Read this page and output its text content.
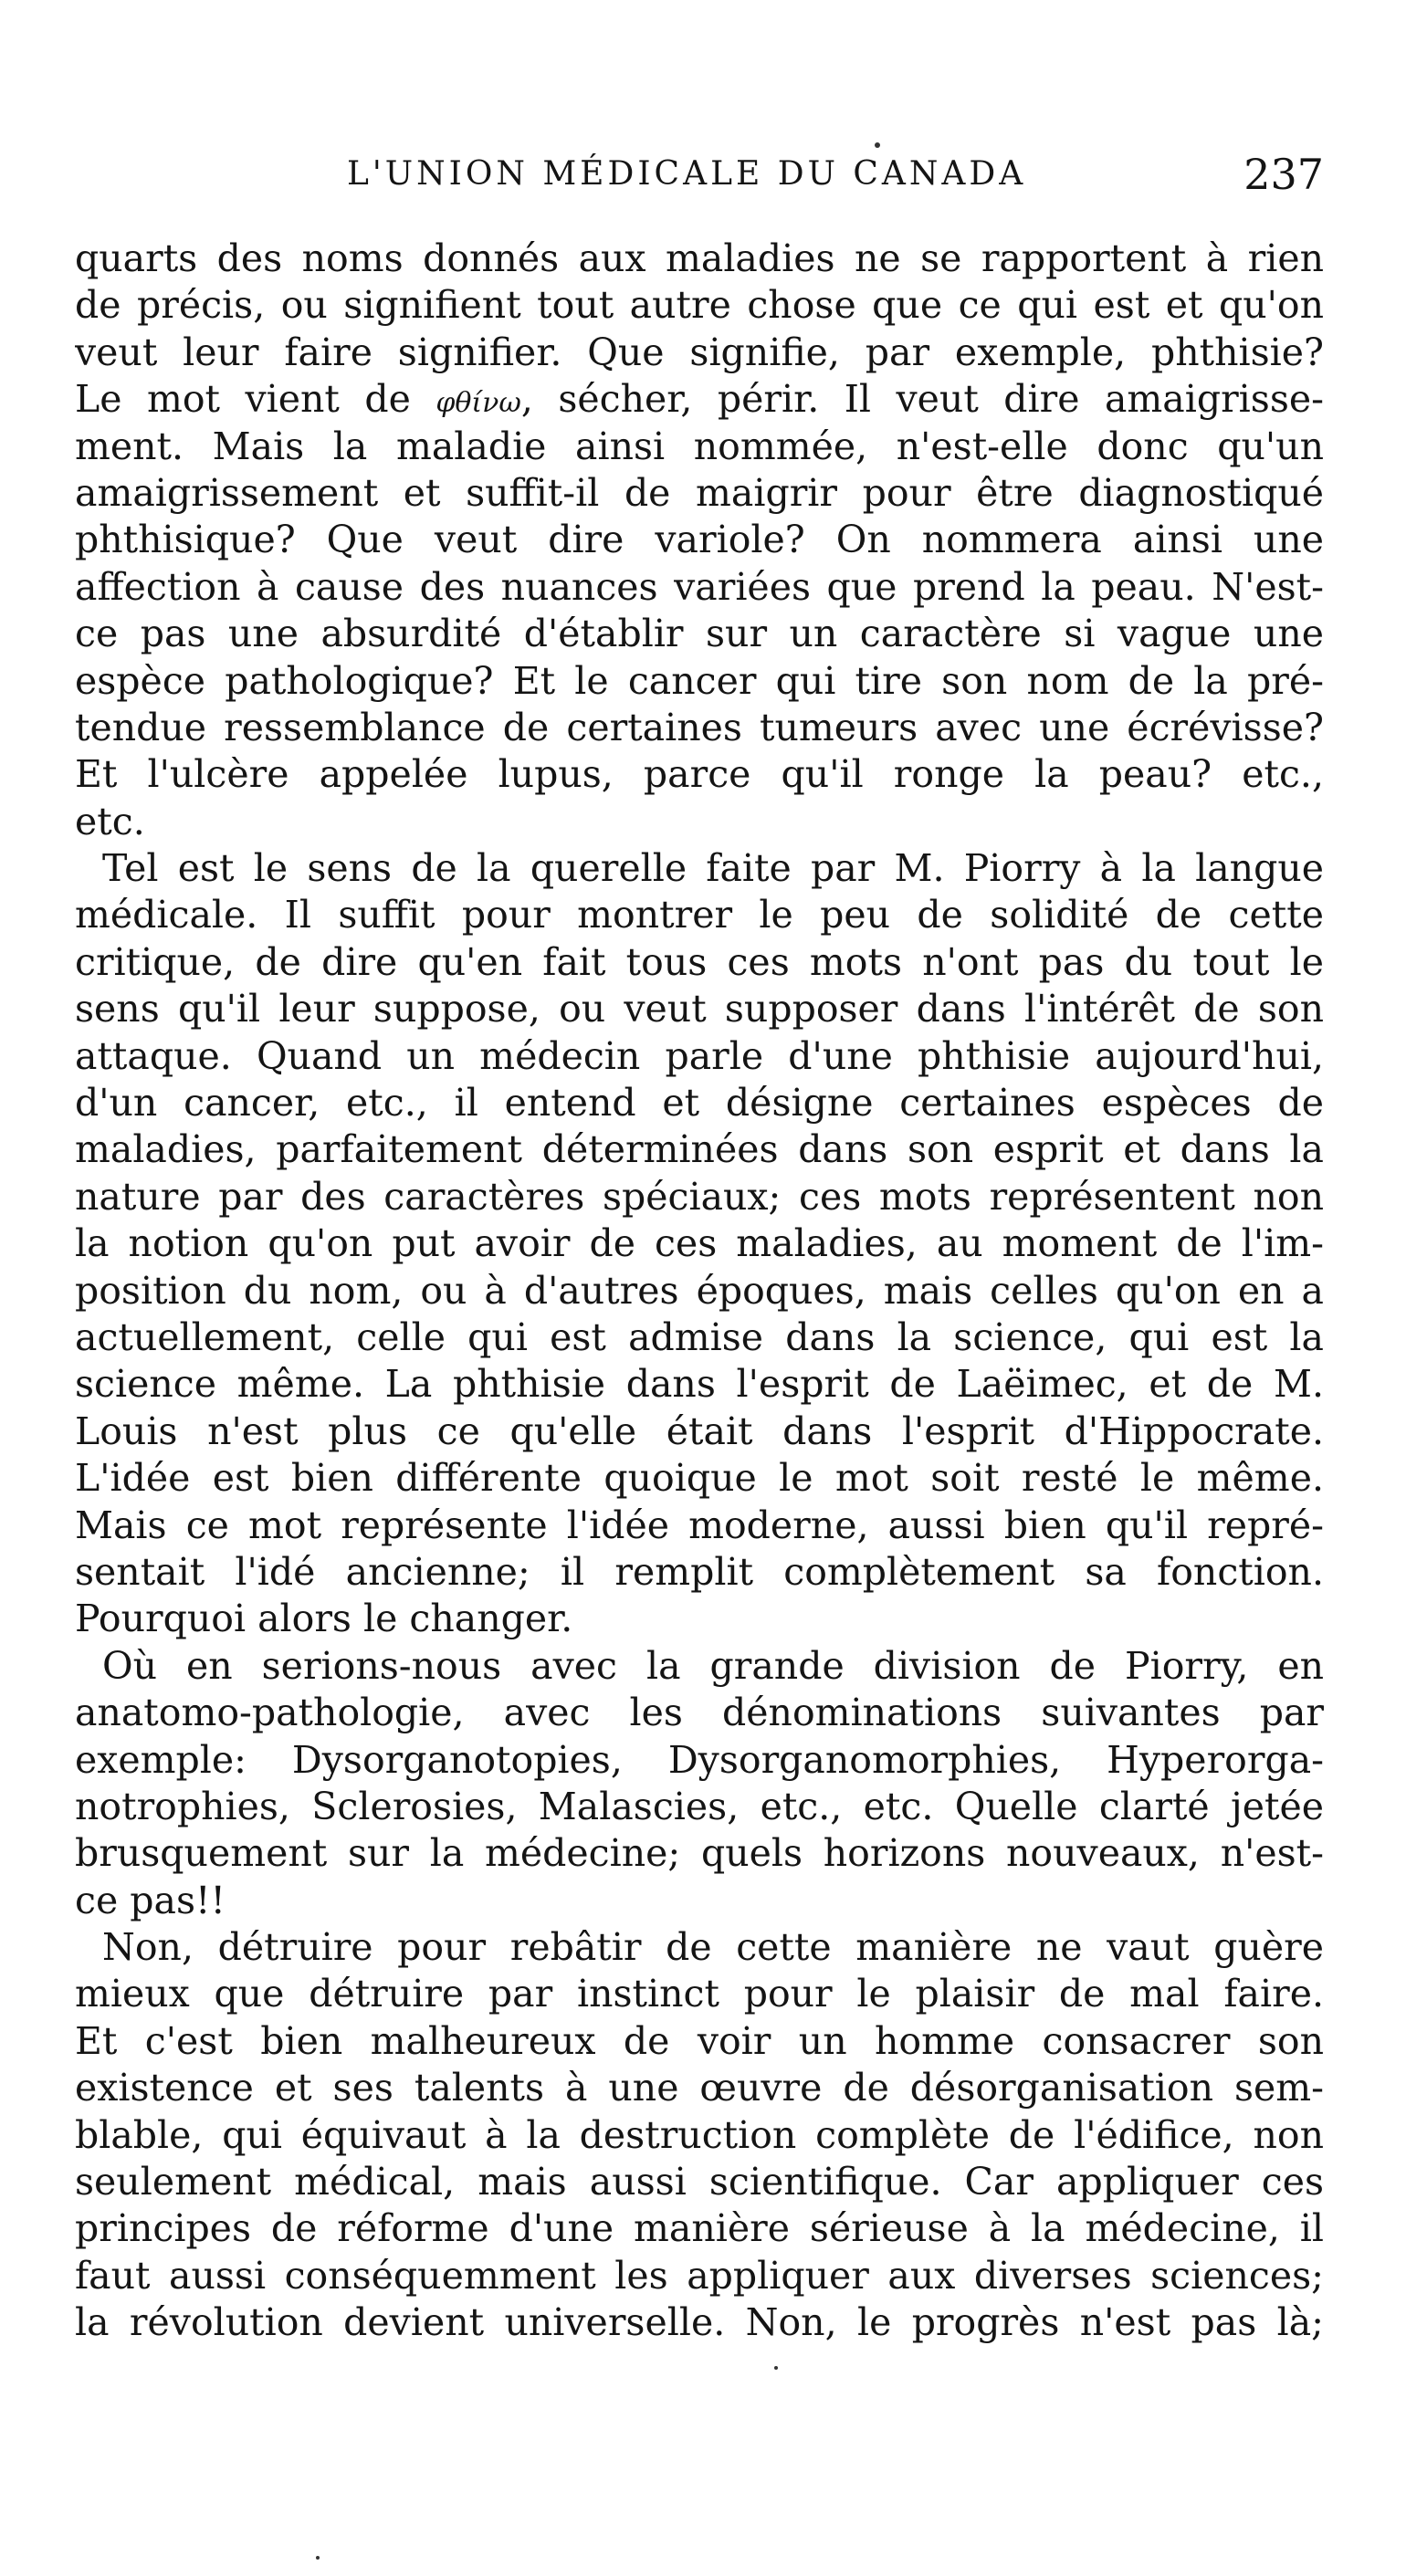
L'UNION MÉDICALE DU CANADA	237
quarts des noms donnés aux maladies ne se rapportent à rien
de précis, ou signifient tout autre chose que ce qui est et qu'on
veut leur faire signifier. Que signifie, par exemple, phthisie?
Le mot vient de φθίνω, sécher, périr. Il veut dire amaigrisse-
ment. Mais la maladie ainsi nommée, n'est-elle donc qu'un
amaigrissement et suffit-il de maigrir pour être diagnostiqué
phthisique? Que veut dire variole? On nommera ainsi une
affection à cause des nuances variées que prend la peau. N'est-
ce pas une absurdité d'établir sur un caractère si vague une
espèce pathologique? Et le cancer qui tire son nom de la pré-
tendue ressemblance de certaines tumeurs avec une écrévisse?
Et l'ulcère appelée lupus, parce qu'il ronge la peau? etc.,
etc.
Tel est le sens de la querelle faite par M. Piorry à la langue
médicale. Il suffit pour montrer le peu de solidité de cette
critique, de dire qu'en fait tous ces mots n'ont pas du tout le
sens qu'il leur suppose, ou veut supposer dans l'intérêt de son
attaque. Quand un médecin parle d'une phthisie aujourd'hui,
d'un cancer, etc., il entend et désigne certaines espèces de
maladies, parfaitement déterminées dans son esprit et dans la
nature par des caractères spéciaux; ces mots représentent non
la notion qu'on put avoir de ces maladies, au moment de l'im-
position du nom, ou à d'autres époques, mais celles qu'on en a
actuellement, celle qui est admise dans la science, qui est la
science même. La phthisie dans l'esprit de Laëimec, et de M.
Louis n'est plus ce qu'elle était dans l'esprit d'Hippocrate.
L'idée est bien différente quoique le mot soit resté le même.
Mais ce mot représente l'idée moderne, aussi bien qu'il repré-
sentait l'idé ancienne; il remplit complètement sa fonction.
Pourquoi alors le changer.
Où en serions-nous avec la grande division de Piorry, en
anatomo-pathologie, avec les dénominations suivantes par
exemple: Dysorganotopies, Dysorganomorphies, Hyperorga-
notrophies, Sclerosies, Malascies, etc., etc. Quelle clarté jetée
brusquement sur la médecine; quels horizons nouveaux, n'est-
ce pas!!
Non, détruire pour rebâtir de cette manière ne vaut guère
mieux que détruire par instinct pour le plaisir de mal faire.
Et c'est bien malheureux de voir un homme consacrer son
existence et ses talents à une œuvre de désorganisation sem-
blable, qui équivaut à la destruction complète de l'édifice, non
seulement médical, mais aussi scientifique. Car appliquer ces
principes de réforme d'une manière sérieuse à la médecine, il
faut aussi conséquemment les appliquer aux diverses sciences;
la révolution devient universelle. Non, le progrès n'est pas là;
